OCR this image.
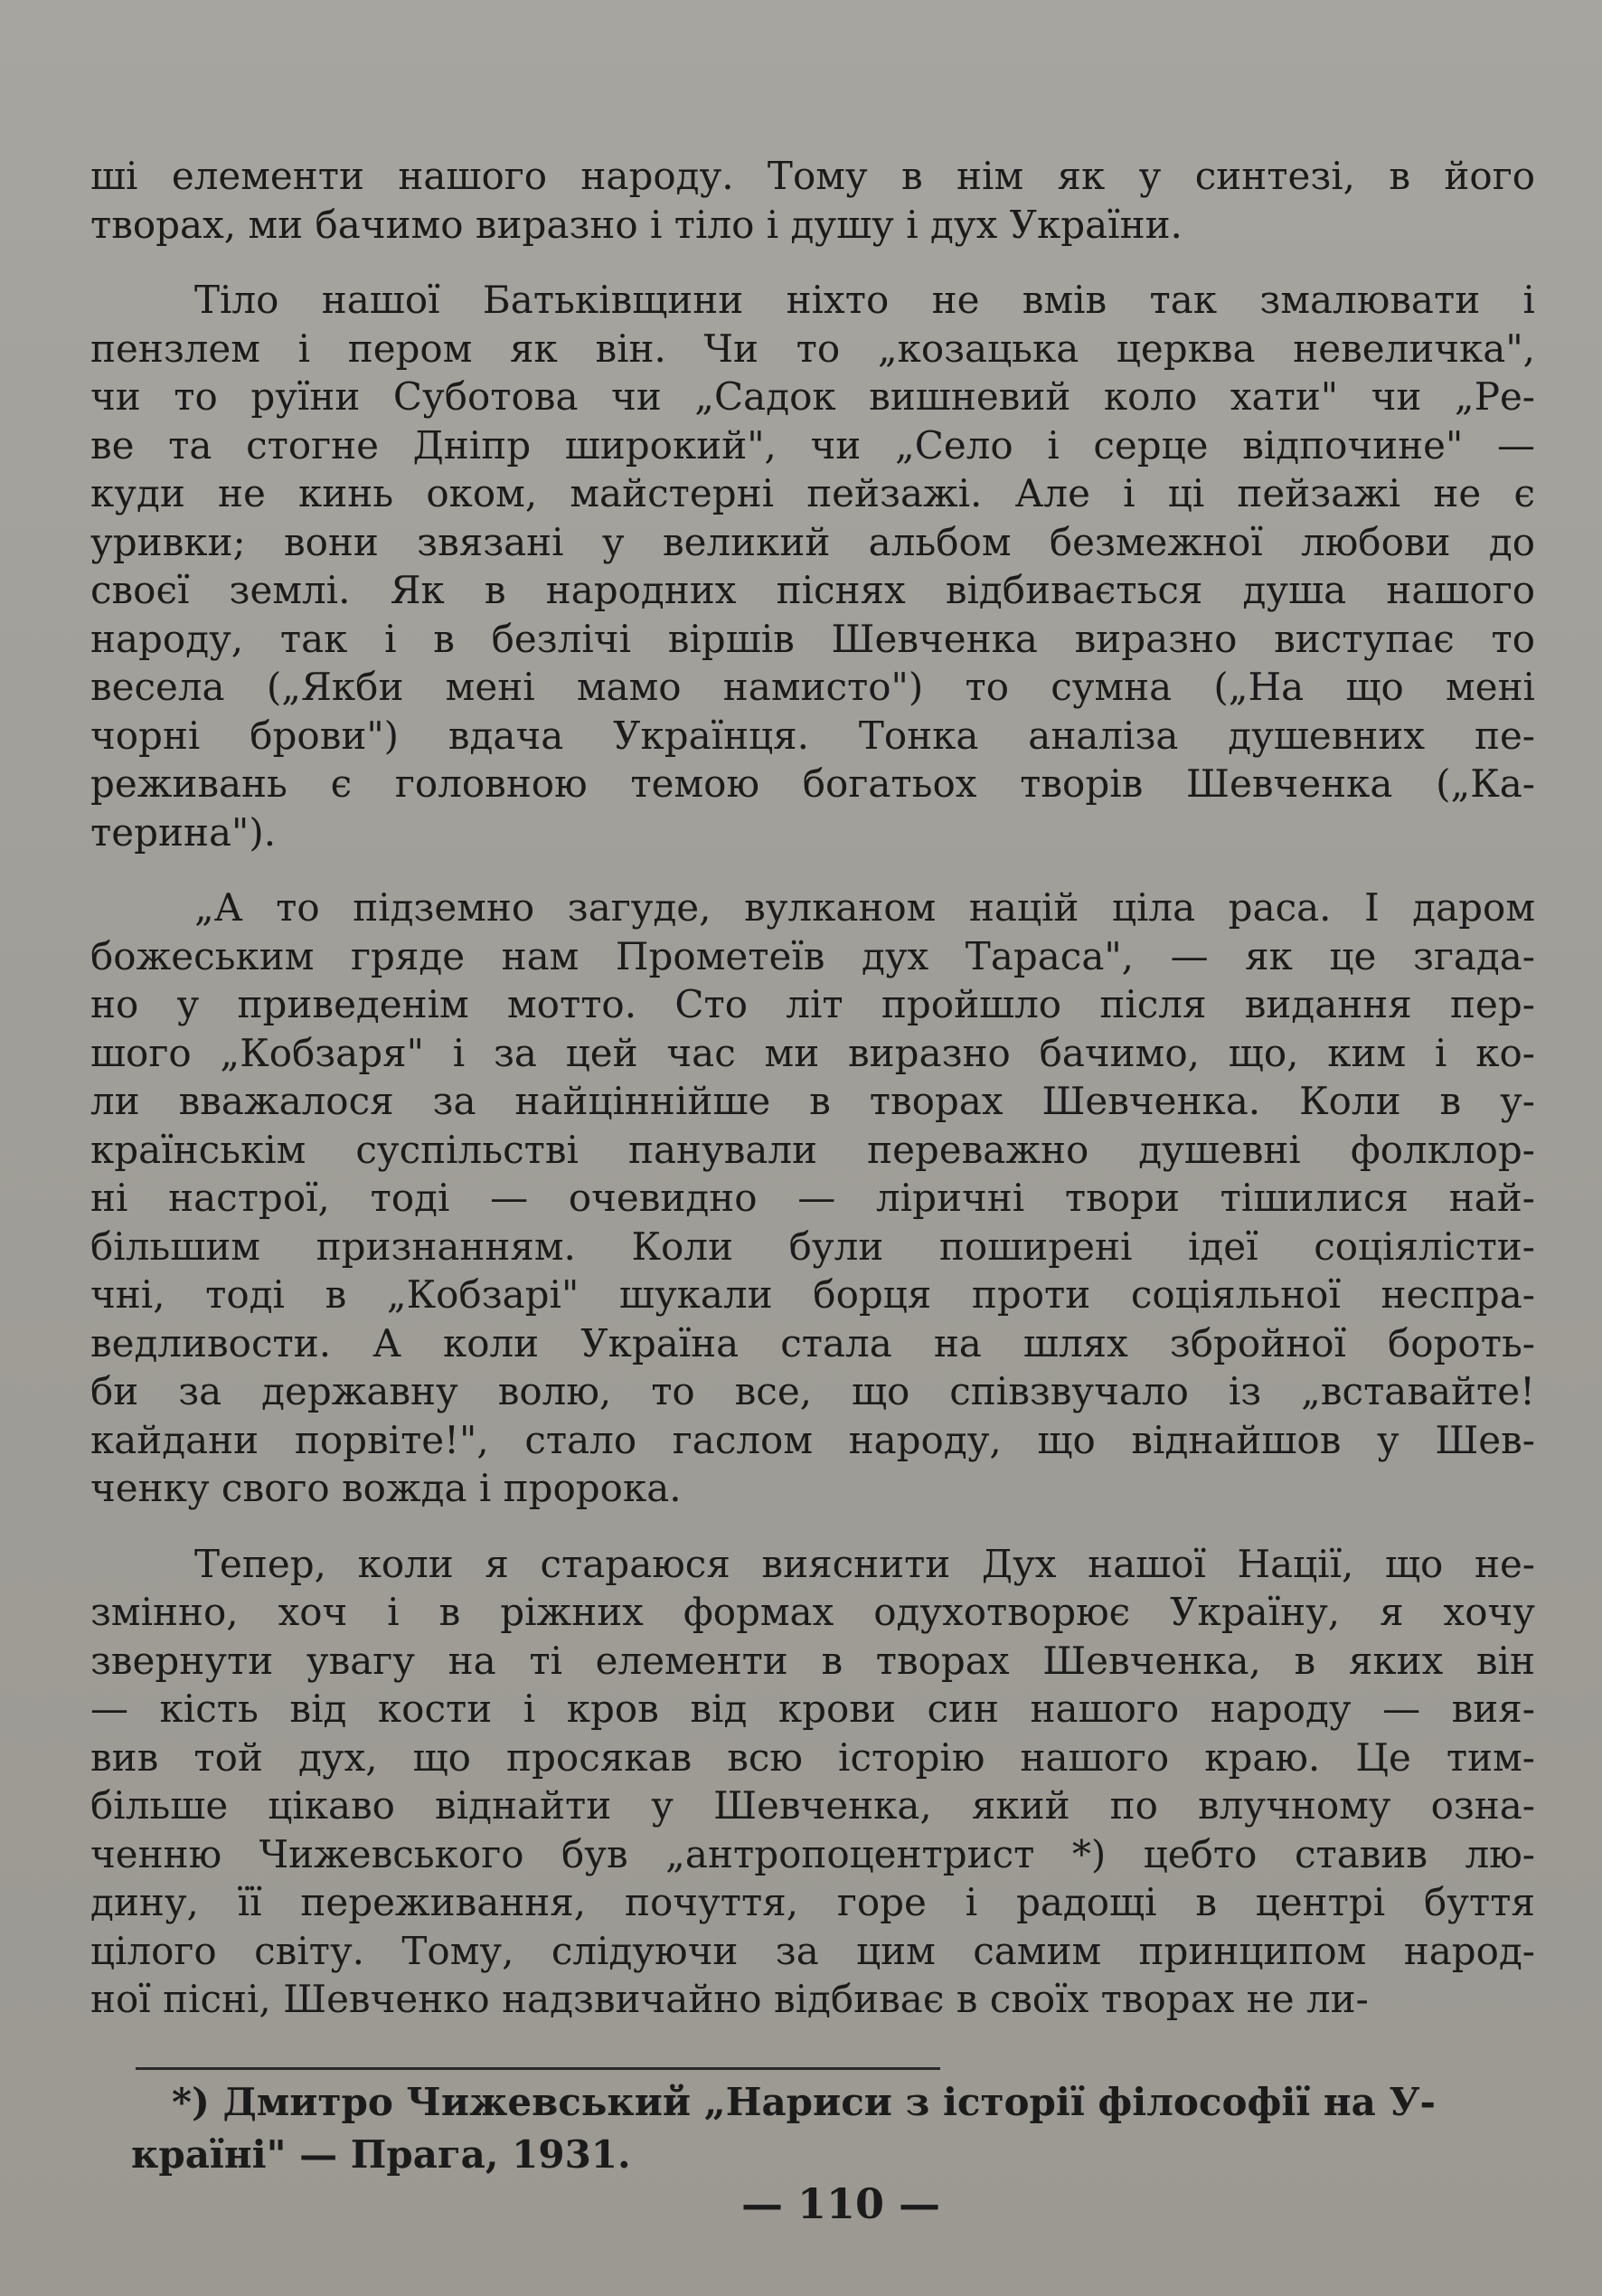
ші елементи нашого народу. Тому в нім як у синтезі, в його
творах, ми бачимо виразно і тіло і душу і дух України.
Тіло нашої Батьківщини ніхто не вмів так змалювати і
пензлем і пером як він. Чи то „козацька церква невеличка",
чи то руїни Суботова чи „Садок вишневий коло хати" чи „Ре-
ве та стогне Дніпр широкий", чи „Село і серце відпочине" —
куди не кинь оком, майстерні пейзажі. Але і ці пейзажі не є
уривки; вони звязані у великий альбом безмежної любови до
своєї землі. Як в народних піснях відбивається душа нашого
народу, так і в безлічі віршів Шевченка виразно виступає то
весела („Якби мені мамо намисто") то сумна („На що мені
чорні брови") вдача Українця. Тонка аналіза душевних пе-
реживань є головною темою богатьох творів Шевченка („Ка-
терина").
„А то підземно загуде, вулканом націй ціла раса. І даром
божеським гряде нам Прометеїв дух Тараса", — як це згада-
но у приведенім мотто. Сто літ пройшло після видання пер-
шого „Кобзаря" і за цей час ми виразно бачимо, що, ким і ко-
ли вважалося за найціннійше в творах Шевченка. Коли в у-
країнськім суспільстві панували переважно душевні фолклор-
ні настрої, тоді — очевидно — ліричні твори тішилися най-
більшим признанням. Коли були поширені ідеї соціялісти-
чні, тоді в „Кобзарі" шукали борця проти соціяльної неспра-
ведливости. А коли Україна стала на шлях збройної бороть-
би за державну волю, то все, що співзвучало із „вставайте!
кайдани порвіте!", стало гаслом народу, що віднайшов у Шев-
ченку свого вожда і пророка.
Тепер, коли я стараюся вияснити Дух нашої Нації, що не-
змінно, хоч і в ріжних формах одухотворює Україну, я хочу
звернути увагу на ті елементи в творах Шевченка, в яких він
— кість від кости і кров від крови син нашого народу — вия-
вив той дух, що просякав всю історію нашого краю. Це тим-
більше цікаво віднайти у Шевченка, який по влучному озна-
ченню Чижевського був „антропоцентрист *) цебто ставив лю-
дину, її переживання, почуття, горе і радощі в центрі буття
цілого світу. Тому, слідуючи за цим самим принципом народ-
ної пісні, Шевченко надзвичайно відбиває в своїх творах не ли-
*) Дмитро Чижевський „Нариси з історії філософії на У-
країні" — Прага, 1931.
— 110 —
